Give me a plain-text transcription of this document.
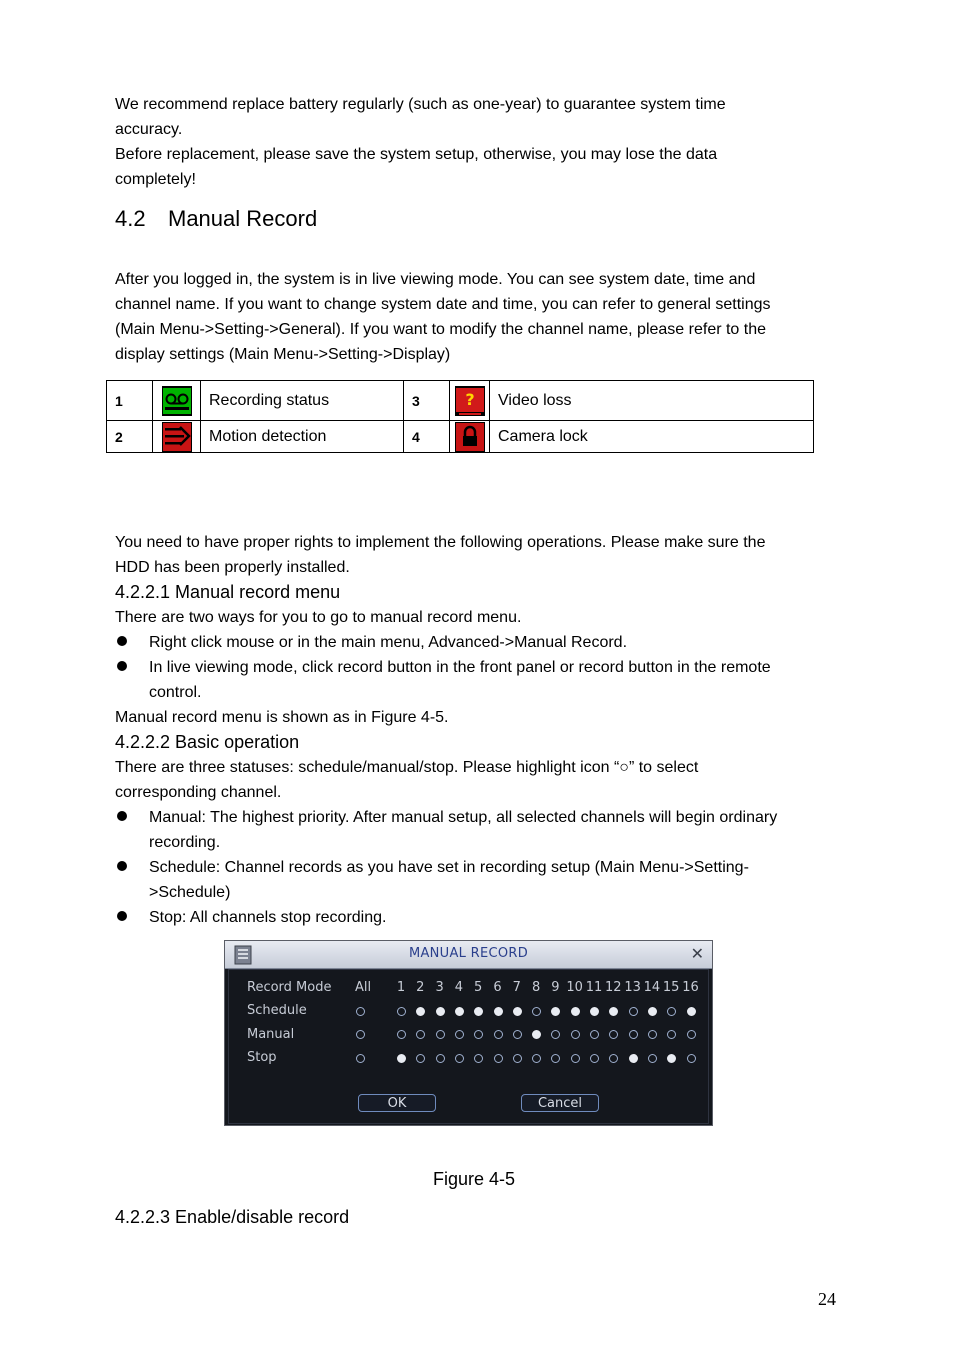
We recommend replace battery regularly (such as one-year) to guarantee system time
accuracy.
Before replacement, please save the system setup, otherwise, you may lose the data
completely!
4.2 Manual Record
After you logged in, the system is in live viewing mode. You can see system date, time and
channel name. If you want to change system date and time, you can refer to general settings
(Main Menu->Setting->General). If you want to modify the channel name, please refer to the
display settings (Main Menu->Setting->Display)
1		Recording status	3	?	Video loss
2		Motion detection	4		Camera lock
You need to have proper rights to implement the following operations. Please make sure the
HDD has been properly installed.
4.2.2.1 Manual record menu
There are two ways for you to go to manual record menu.
Right click mouse or in the main menu, Advanced->Manual Record.
In live viewing mode, click record button in the front panel or record button in the remote
control.
Manual record menu is shown as in Figure 4-5.
4.2.2.2 Basic operation
There are three statuses: schedule/manual/stop. Please highlight icon “○” to select
corresponding channel.
Manual: The highest priority. After manual setup, all selected channels will begin ordinary
recording.
Schedule: Channel records as you have set in recording setup (Main Menu->Setting-
>Schedule)
Stop: All channels stop recording.
MANUAL RECORD	✕
Record Mode All	1 2 3 4 5 6 7 8 9 10 11 12 13 14 15 16
Schedule
Manual
Stop
OK	Cancel
Figure 4-5
4.2.2.3 Enable/disable record
24
